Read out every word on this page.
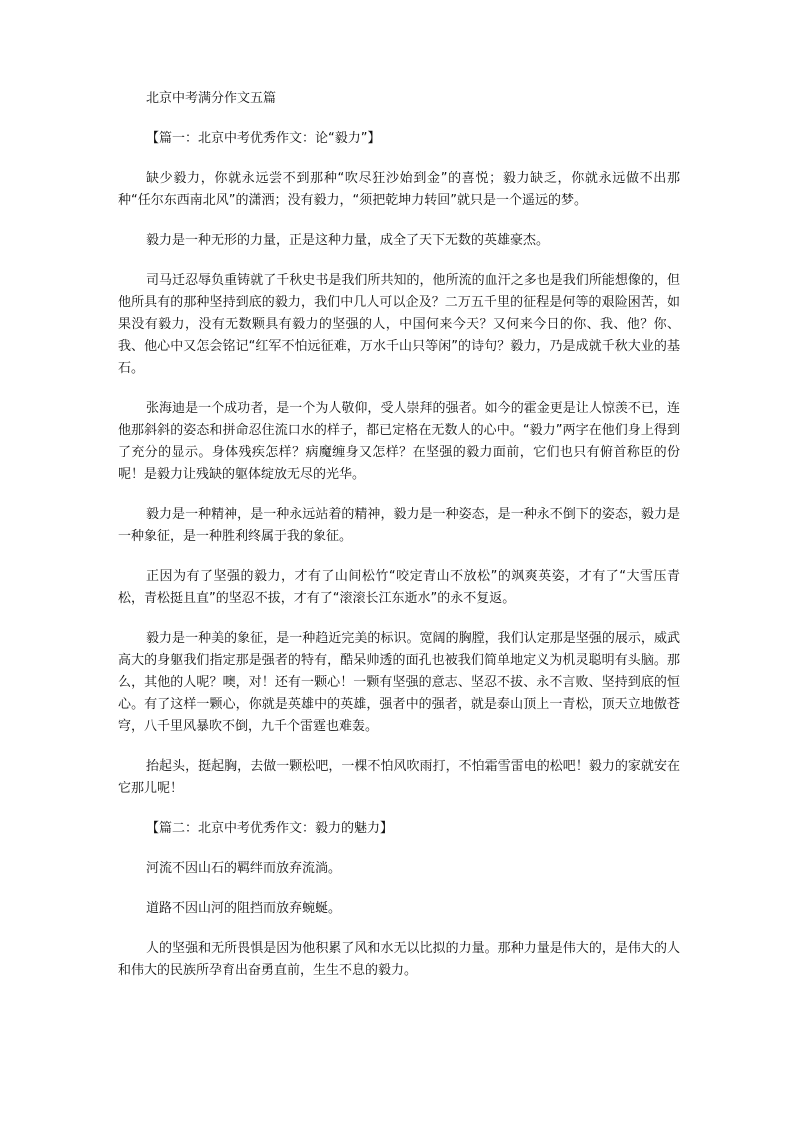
北京中考满分作文五篇

【篇一：北京中考优秀作文：论“毅力”】

缺少毅力，你就永远尝不到那种“吹尽狂沙始到金”的喜悦；毅力缺乏，你就永远做不出那种“任尔东西南北风”的潇洒；没有毅力，“须把乾坤力转回”就只是一个遥远的梦。

毅力是一种无形的力量，正是这种力量，成全了天下无数的英雄豪杰。

司马迁忍辱负重铸就了千秋史书是我们所共知的，他所流的血汗之多也是我们所能想像的，但他所具有的那种坚持到底的毅力，我们中几人可以企及？二万五千里的征程是何等的艰险困苦，如果没有毅力，没有无数颗具有毅力的坚强的人，中国何来今天？又何来今日的你、我、他？你、我、他心中又怎会铭记“红军不怕远征难，万水千山只等闲”的诗句？毅力，乃是成就千秋大业的基石。

张海迪是一个成功者，是一个为人敬仰，受人崇拜的强者。如今的霍金更是让人惊羡不已，连他那斜斜的姿态和拼命忍住流口水的样子，都已定格在无数人的心中。“毅力”两字在他们身上得到了充分的显示。身体残疾怎样？病魔缠身又怎样？在坚强的毅力面前，它们也只有俯首称臣的份呢！是毅力让残缺的躯体绽放无尽的光华。

毅力是一种精神，是一种永远站着的精神，毅力是一种姿态，是一种永不倒下的姿态，毅力是一种象征，是一种胜利终属于我的象征。

正因为有了坚强的毅力，才有了山间松竹“咬定青山不放松”的飒爽英姿，才有了“大雪压青松，青松挺且直”的坚忍不拔，才有了“滚滚长江东逝水”的永不复返。

毅力是一种美的象征，是一种趋近完美的标识。宽阔的胸膛，我们认定那是坚强的展示，威武高大的身躯我们指定那是强者的特有，酷呆帅透的面孔也被我们简单地定义为机灵聪明有头脑。那么，其他的人呢？噢，对！还有一颗心！一颗有坚强的意志、坚忍不拔、永不言败、坚持到底的恒心。有了这样一颗心，你就是英雄中的英雄，强者中的强者，就是泰山顶上一青松，顶天立地傲苍穹，八千里风暴吹不倒，九千个雷霆也难轰。

抬起头，挺起胸，去做一颗松吧，一棵不怕风吹雨打，不怕霜雪雷电的松吧！毅力的家就安在它那儿呢！

【篇二：北京中考优秀作文：毅力的魅力】

河流不因山石的羁绊而放弃流淌。

道路不因山河的阻挡而放弃蜿蜒。

人的坚强和无所畏惧是因为他积累了风和水无以比拟的力量。那种力量是伟大的，是伟大的人和伟大的民族所孕育出奋勇直前，生生不息的毅力。
